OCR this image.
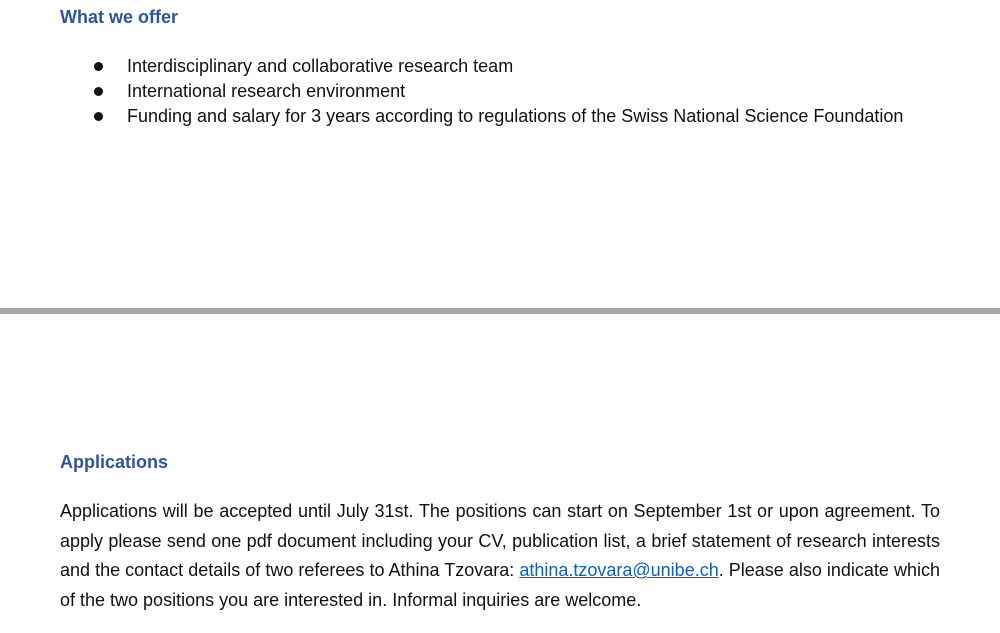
What we offer
Interdisciplinary and collaborative research team
International research environment
Funding and salary for 3 years according to regulations of the Swiss National Science Foundation
Applications

Applications will be accepted until July 31st. The positions can start on September 1st or upon agreement. To apply please send one pdf document including your CV, publication list, a brief statement of research interests and the contact details of two referees to Athina Tzovara: athina.tzovara@unibe.ch. Please also indicate which of the two positions you are interested in. Informal inquiries are welcome.
